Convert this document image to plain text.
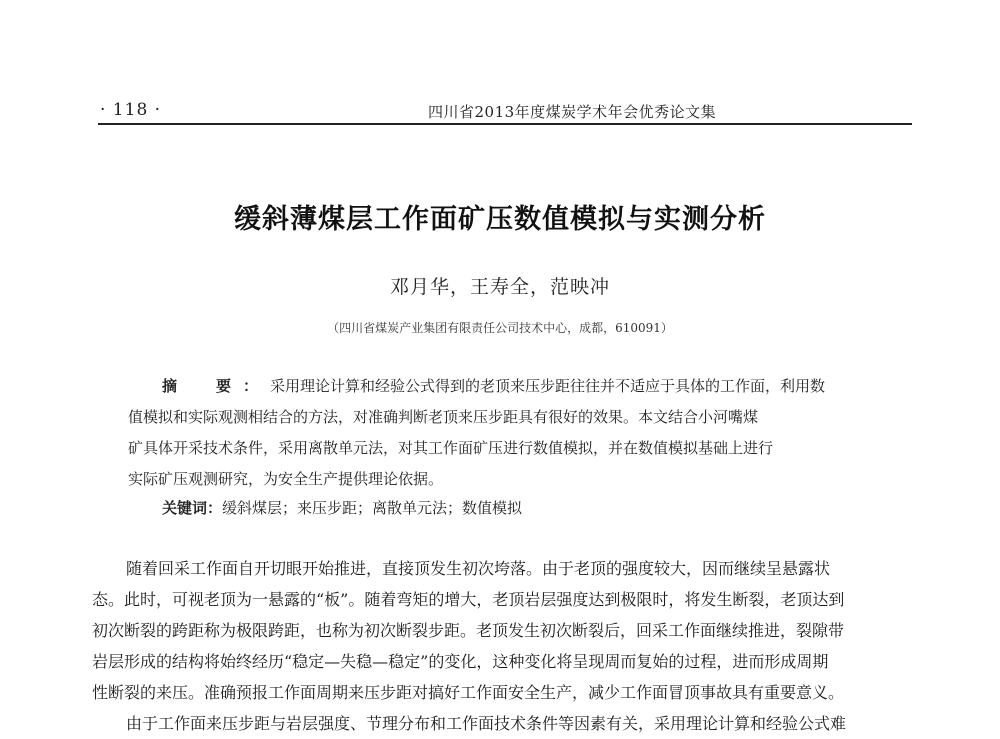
· 118 ·	四川省2013年度煤炭学术年会优秀论文集
缓斜薄煤层工作面矿压数值模拟与实测分析
邓月华，王寿全，范映冲
（四川省煤炭产业集团有限责任公司技术中心，成都，610091）
摘　要：采用理论计算和经验公式得到的老顶来压步距往往并不适应于具体的工作面，利用数
值模拟和实际观测相结合的方法，对准确判断老顶来压步距具有很好的效果。本文结合小河嘴煤
矿具体开采技术条件，采用离散单元法，对其工作面矿压进行数值模拟，并在数值模拟基础上进行
实际矿压观测研究，为安全生产提供理论依据。
关键词：缓斜煤层；来压步距；离散单元法；数值模拟
随着回采工作面自开切眼开始推进，直接顶发生初次垮落。由于老顶的强度较大，因而继续呈悬露状
态。此时，可视老顶为一悬露的“板”。随着弯矩的增大，老顶岩层强度达到极限时，将发生断裂，老顶达到
初次断裂的跨距称为极限跨距，也称为初次断裂步距。老顶发生初次断裂后，回采工作面继续推进，裂隙带
岩层形成的结构将始终经历“稳定—失稳—稳定”的变化，这种变化将呈现周而复始的过程，进而形成周期
性断裂的来压。准确预报工作面周期来压步距对搞好工作面安全生产，减少工作面冒顶事故具有重要意义。
由于工作面来压步距与岩层强度、节理分布和工作面技术条件等因素有关，采用理论计算和经验公式难
